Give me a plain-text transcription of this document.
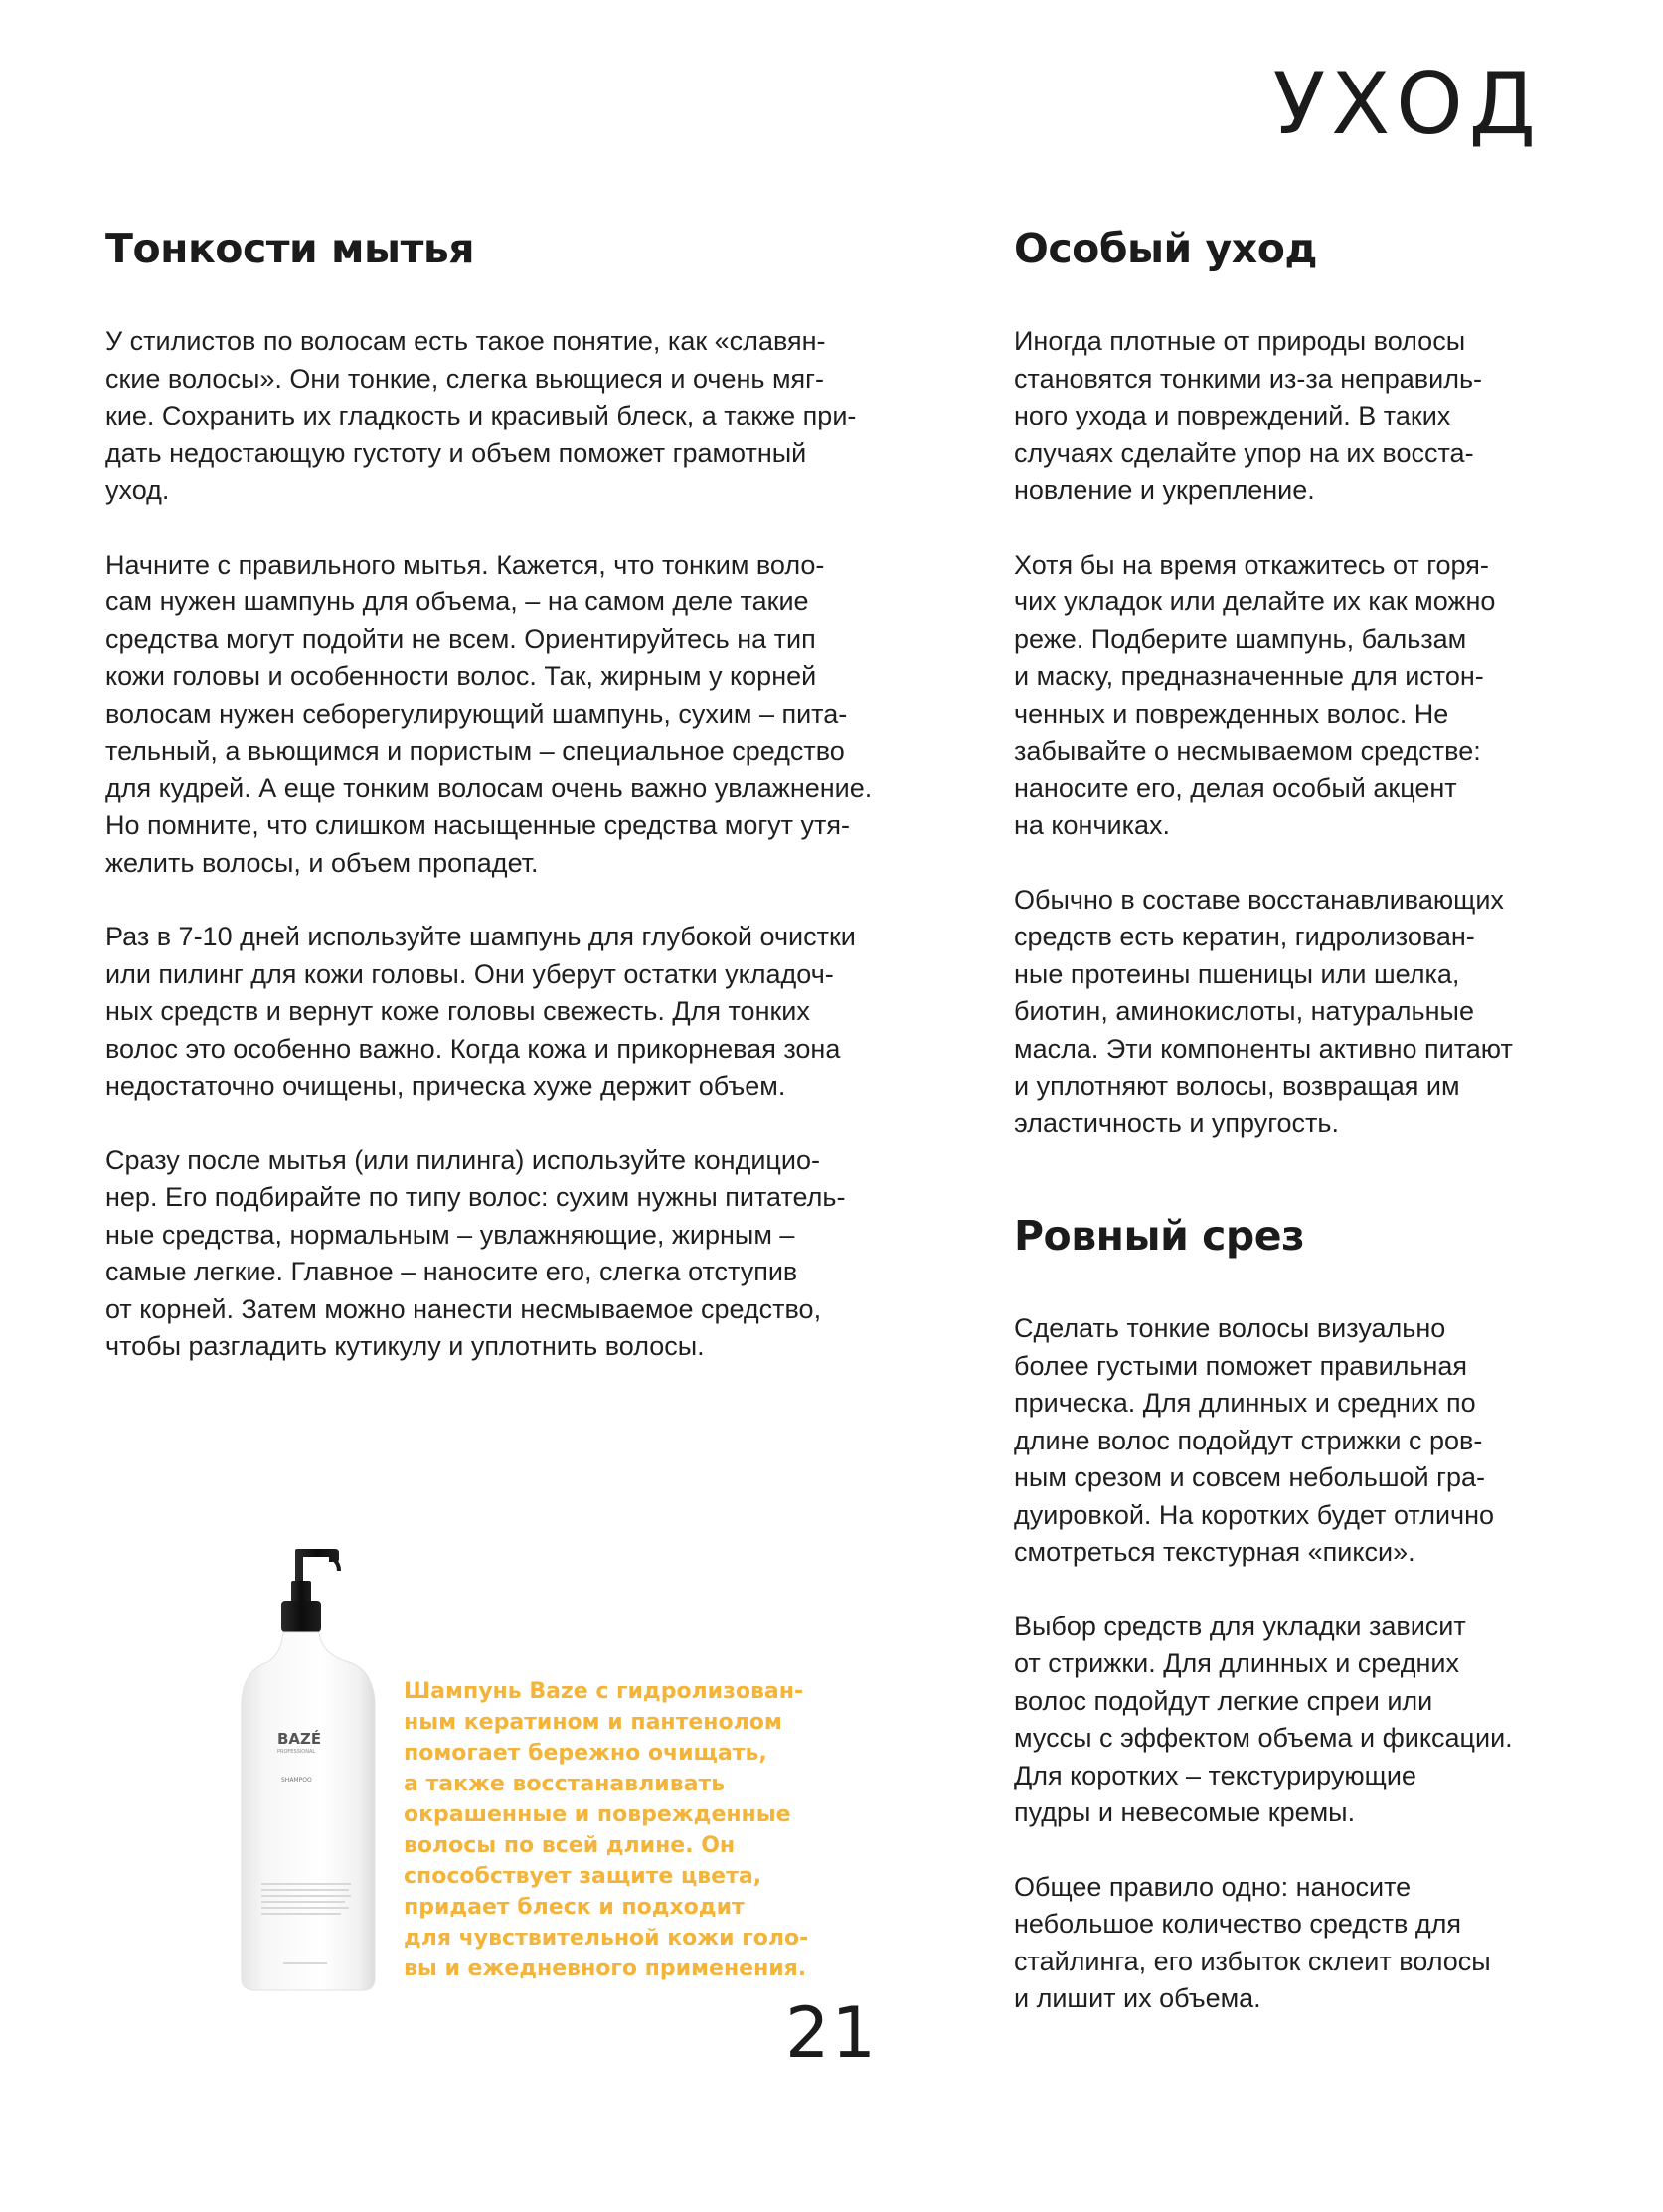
УХОД
Тонкости мытья

У стилистов по волосам есть такое понятие, как «славян-
ские волосы». Они тонкие, слегка вьющиеся и очень мяг-
кие. Сохранить их гладкость и красивый блеск, а также при-
дать недостающую густоту и объем поможет грамотный
уход.

Начните с правильного мытья. Кажется, что тонким воло-
сам нужен шампунь для объема, – на самом деле такие
средства могут подойти не всем. Ориентируйтесь на тип
кожи головы и особенности волос. Так, жирным у корней
волосам нужен себорегулирующий шампунь, сухим – пита-
тельный, а вьющимся и пористым – специальное средство
для кудрей. А еще тонким волосам очень важно увлажнение.
Но помните, что слишком насыщенные средства могут утя-
желить волосы, и объем пропадет.

Раз в 7-10 дней используйте шампунь для глубокой очистки
или пилинг для кожи головы. Они уберут остатки укладоч-
ных средств и вернут коже головы свежесть. Для тонких
волос это особенно важно. Когда кожа и прикорневая зона
недостаточно очищены, прическа хуже держит объем.

Сразу после мытья (или пилинга) используйте кондицио-
нер. Его подбирайте по типу волос: сухим нужны питатель-
ные средства, нормальным – увлажняющие, жирным –
самые легкие. Главное – наносите его, слегка отступив
от корней. Затем можно нанести несмываемое средство,
чтобы разгладить кутикулу и уплотнить волосы.

Особый уход

Иногда плотные от природы волосы
становятся тонкими из-за неправиль-
ного ухода и повреждений. В таких
случаях сделайте упор на их восста-
новление и укрепление.

Хотя бы на время откажитесь от горя-
чих укладок или делайте их как можно
реже. Подберите шампунь, бальзам
и маску, предназначенные для истон-
ченных и поврежденных волос. Не
забывайте о несмываемом средстве:
наносите его, делая особый акцент
на кончиках.

Обычно в составе восстанавливающих
средств есть кератин, гидролизован-
ные протеины пшеницы или шелка,
биотин, аминокислоты, натуральные
масла. Эти компоненты активно питают
и уплотняют волосы, возвращая им
эластичность и упругость.

Ровный срез

Сделать тонкие волосы визуально
более густыми поможет правильная
прическа. Для длинных и средних по
длине волос подойдут стрижки с ров-
ным срезом и совсем небольшой гра-
дуировкой. На коротких будет отлично
смотреться текстурная «пикси».

Выбор средств для укладки зависит
от стрижки. Для длинных и средних
волос подойдут легкие спреи или
муссы с эффектом объема и фиксации.
Для коротких – текстурирующие
пудры и невесомые кремы.

Общее правило одно: наносите
небольшое количество средств для
стайлинга, его избыток склеит волосы
и лишит их объема.

BAZÉ
PROFESSIONAL
SHAMPOO

Шампунь Baze с гидролизован-
ным кератином и пантенолом
помогает бережно очищать,
а также восстанавливать
окрашенные и поврежденные
волосы по всей длине. Он
способствует защите цвета,
придает блеск и подходит
для чувствительной кожи голо-
вы и ежедневного применения.

21
